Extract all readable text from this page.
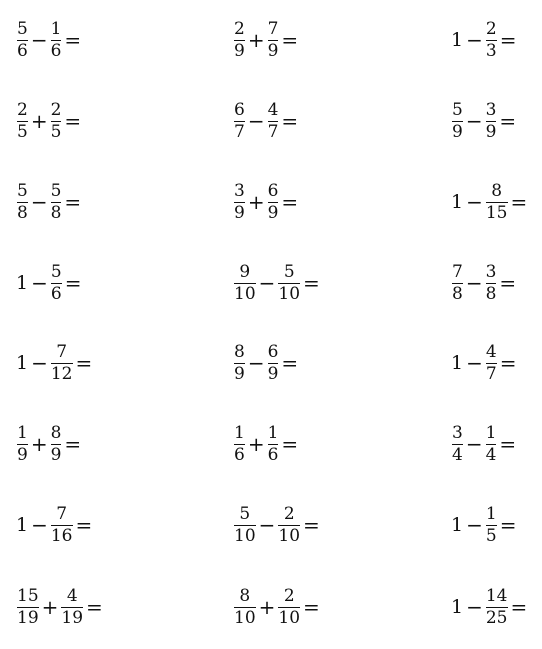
$\frac{5}{6} - \frac{1}{6}$ =	$\frac{2}{9} + \frac{7}{9}$ =	$1 - \frac{2}{3}$ =
$\frac{2}{5} + \frac{2}{5}$ =	$\frac{6}{7} - \frac{4}{7}$ =	$\frac{5}{9} - \frac{3}{9}$ =
$\frac{5}{8} - \frac{5}{8}$ =	$\frac{3}{9} + \frac{6}{9}$ =	$1 - \frac{8}{15}$ =
$1 - \frac{5}{6}$ =	$\frac{9}{10} - \frac{5}{10}$ =	$\frac{7}{8} - \frac{3}{8}$ =
$1 - \frac{7}{12}$ =	$\frac{8}{9} - \frac{6}{9}$ =	$1 - \frac{4}{7}$ =
$\frac{1}{9} + \frac{8}{9}$ =	$\frac{1}{6} + \frac{1}{6}$ =	$\frac{3}{4} - \frac{1}{4}$ =
$1 - \frac{7}{16}$ =	$\frac{5}{10} - \frac{2}{10}$ =	$1 - \frac{1}{5}$ =
$\frac{15}{19} + \frac{4}{19}$ =	$\frac{8}{10} + \frac{2}{10}$ =	$1 - \frac{14}{25}$ =
